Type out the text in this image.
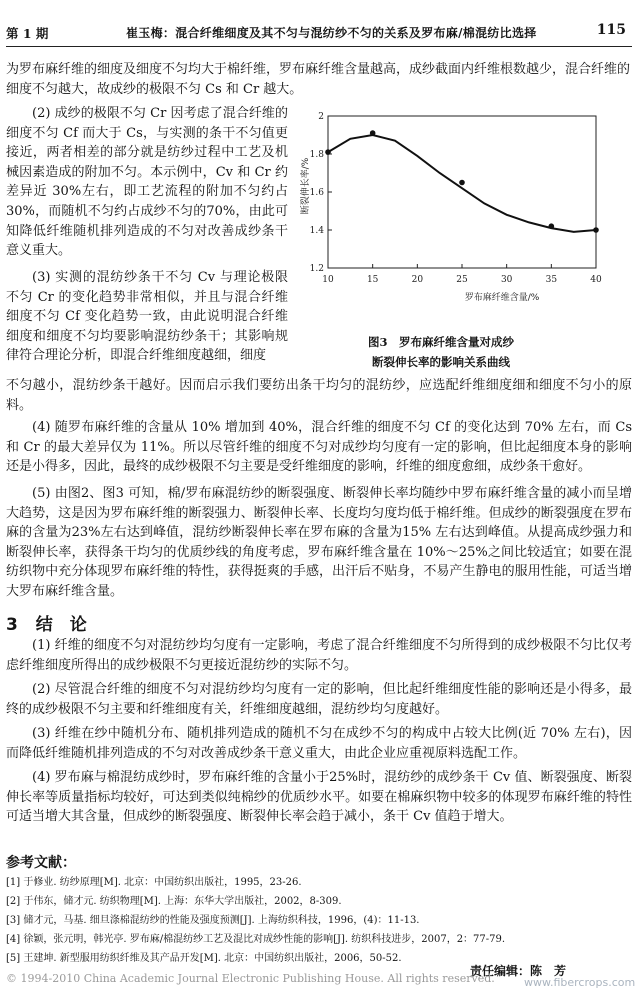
第 1 期	崔玉梅：混合纤维细度及其不匀与混纺纱不匀的关系及罗布麻/棉混纺比选择	115

为罗布麻纤维的细度及细度不匀均大于棉纤维，罗布麻纤维含量越高，成纱截面内纤维根数越少，混合纤维的细度不匀越大，故成纱的极限不匀 Cs 和 Cr 越大。

(2) 成纱的极限不匀 Cr 因考虑了混合纤维的细度不匀 Cf 而大于 Cs，与实测的条干不匀值更接近，两者相差的部分就是纺纱过程中工艺及机械因素造成的附加不匀。本示例中，Cv 和 Cr 约差异近 30%左右，即工艺流程的附加不匀约占30%，而随机不匀约占成纱不匀的70%，由此可知降低纤维随机排列造成的不匀对改善成纱条干意义重大。

(3) 实测的混纺纱条干不匀 Cv 与理论极限不匀 Cr 的变化趋势非常相似，并且与混合纤维细度不匀 Cf 变化趋势一致，由此说明混合纤维细度和细度不匀均要影响混纺纱条干；其影响规律符合理论分析，即混合纤维细度越细，细度

不匀越小，混纺纱条干越好。因而启示我们要纺出条干均匀的混纺纱，应选配纤维细度细和细度不匀小的原料。

(4) 随罗布麻纤维的含量从 10% 增加到 40%，混合纤维的细度不匀 Cf 的变化达到 70% 左右，而 Cs 和 Cr 的最大差异仅为 11%。所以尽管纤维的细度不匀对成纱均匀度有一定的影响，但比起细度本身的影响还是小得多，因此，最终的成纱极限不匀主要是受纤维细度的影响，纤维的细度愈细，成纱条干愈好。

(5) 由图2、图3 可知，棉/罗布麻混纺纱的断裂强度、断裂伸长率均随纱中罗布麻纤维含量的减小而呈增大趋势，这是因为罗布麻纤维的断裂强力、断裂伸长率、长度均匀度均低于棉纤维。但成纱的断裂强度在罗布麻的含量为23%左右达到峰值，混纺纱断裂伸长率在罗布麻的含量为15% 左右达到峰值。从提高成纱强力和断裂伸长率，获得条干均匀的优质纱线的角度考虑，罗布麻纤维含量在 10%～25%之间比较适宜；如要在混纺织物中充分体现罗布麻纤维的特性，获得挺爽的手感，出汗后不贴身，不易产生静电的服用性能，可适当增大罗布麻纤维含量。

3 结　论

(1) 纤维的细度不匀对混纺纱均匀度有一定影响，考虑了混合纤维细度不匀所得到的成纱极限不匀比仅考虑纤维细度所得出的成纱极限不匀更接近混纺纱的实际不匀。

(2) 尽管混合纤维的细度不匀对混纺纱均匀度有一定的影响，但比起纤维细度性能的影响还是小得多，最终的成纱极限不匀主要和纤维细度有关，纤维细度越细，混纺纱均匀度越好。

(3) 纤维在纱中随机分布、随机排列造成的随机不匀在成纱不匀的构成中占较大比例(近 70% 左右)，因而降低纤维随机排列造成的不匀对改善成纱条干意义重大，由此企业应重视原料选配工作。

(4) 罗布麻与棉混纺成纱时，罗布麻纤维的含量小于25%时，混纺纱的成纱条干 Cv 值、断裂强度、断裂伸长率等质量指标均较好，可达到类似纯棉纱的优质纱水平。如要在棉麻织物中较多的体现罗布麻纤维的特性可适当增大其含量，但成纱的断裂强度、断裂伸长率会趋于减小，条干 Cv 值趋于增大。

参考文献：

[1] 于修业. 纺纱原理[M]. 北京：中国纺织出版社，1995，23-26.

[2] 于伟东，储才元. 纺织物理[M]. 上海：东华大学出版社，2002，8-309.

[3] 储才元，马基. 细旦涤棉混纺纱的性能及强度预测[J]. 上海纺织科技，1996，(4)：11-13.

[4] 徐颖，张元明，韩光亭. 罗布麻/棉混纺纱工艺及混比对成纱性能的影响[J]. 纺织科技进步，2007，2：77-79.

[5] 王建坤. 新型服用纺织纤维及其产品开发[M]. 北京：中国纺织出版社，2006，50-52.

10	15	20	25	30	35	40
1.2
1.4
1.6
1.8
2
罗布麻纤维含量/%
断裂伸长率/%

图3　罗布麻纤维含量对成纱

断裂伸长率的影响关系曲线

责任编辑：陈　芳

© 1994-2010 China Academic Journal Electronic Publishing House. All rights reserved.	www.fibercrops.com
